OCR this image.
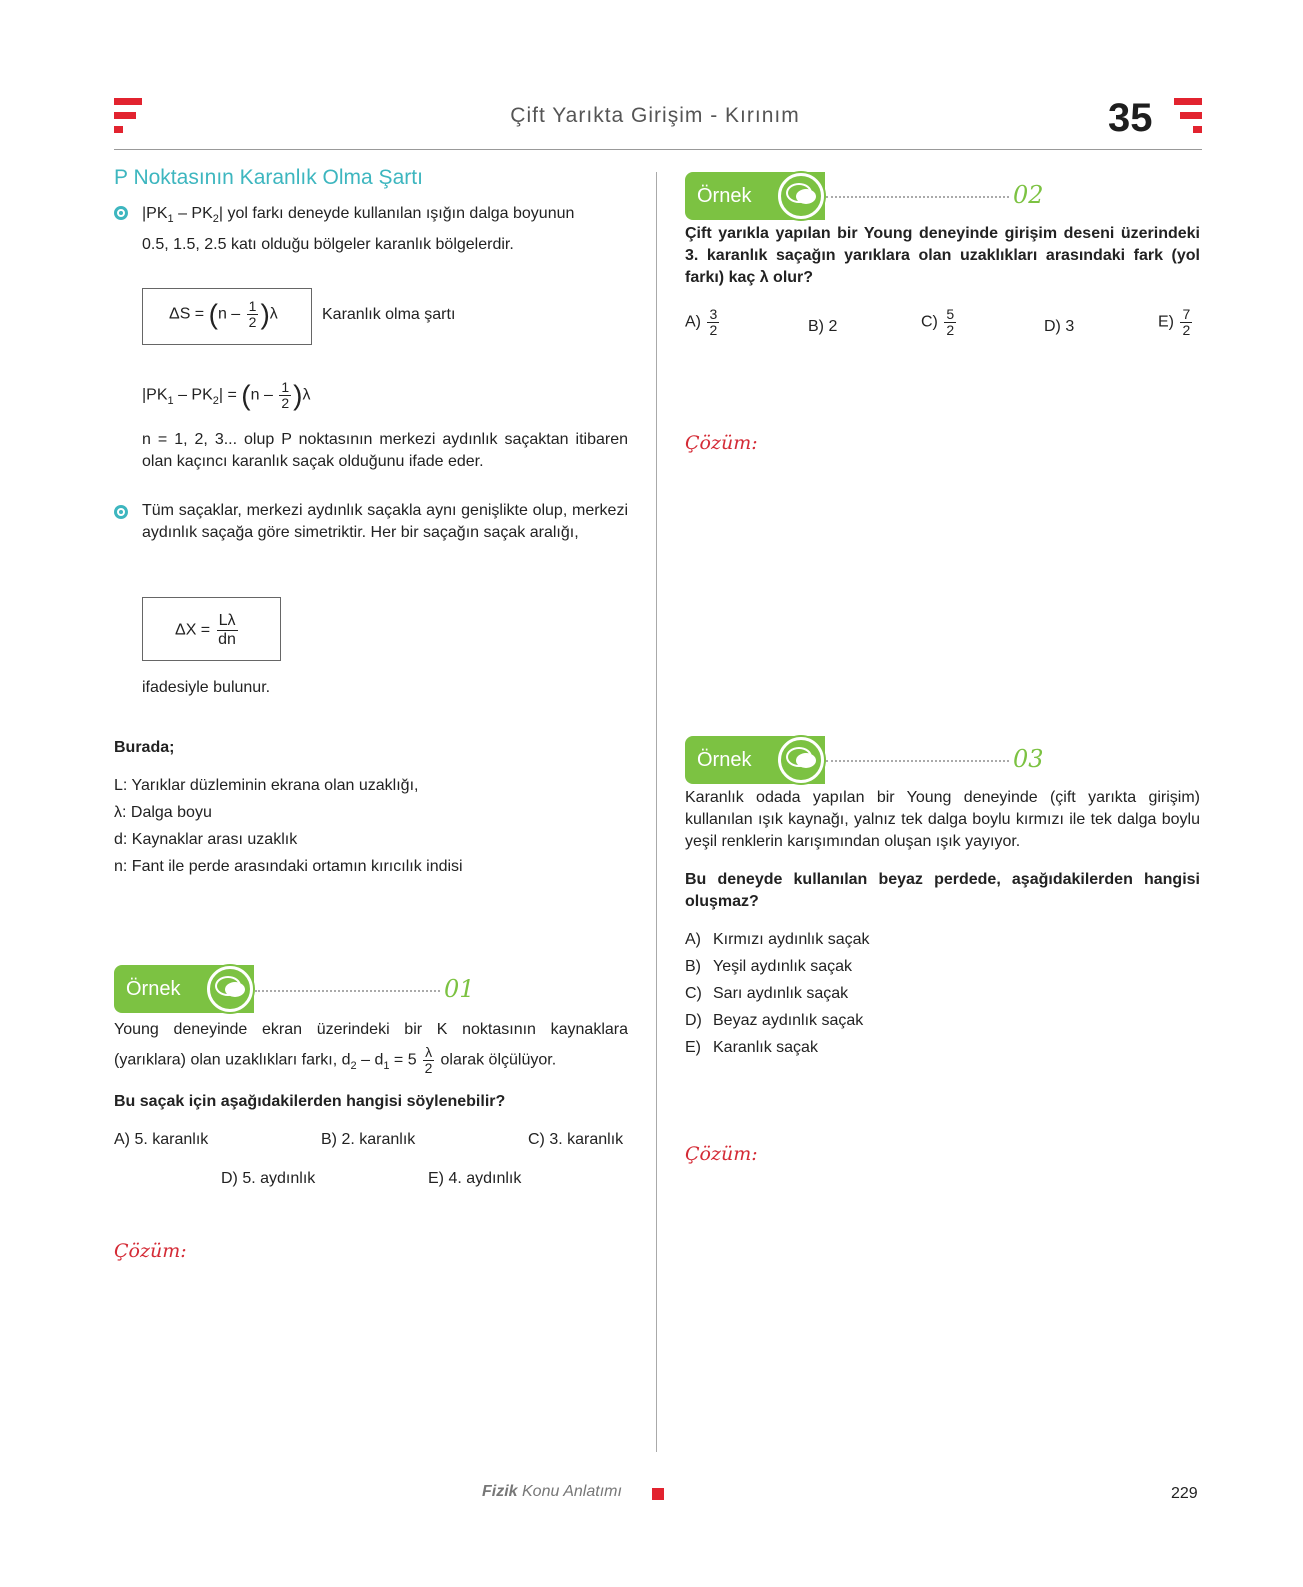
Çift Yarıkta Girişim - Kırınım	35
P Noktasının Karanlık Olma Şartı
$|PK_1 - PK_2|$ yol farkı deneyde kullanılan ışığın dalga boyunun
0.5, 1.5, 2.5 katı olduğu bölgeler karanlık bölgelerdir.
$\Delta S = (n - \frac{1}{2} )\lambda$	Karanlık olma şartı
$|PK_1 - PK_2| = (n - \frac{1}{2} )\lambda$
n = 1, 2, 3... olup P noktasının merkezi aydınlık saçaktan itibaren olan kaçıncı karanlık saçak olduğunu ifade eder.
Tüm saçaklar, merkezi aydınlık saçakla aynı genişlikte olup, merkezi aydınlık saçağa göre simetriktir. Her bir saçağın saçak aralığı,
$\Delta X = \frac{L\lambda}{dn}$
ifadesiyle bulunur.
Burada;
L: Yarıklar düzleminin ekrana olan uzaklığı,
λ: Dalga boyu
d: Kaynaklar arası uzaklık
n: Fant ile perde arasındaki ortamın kırıcılık indisi
Örnek	01
Young deneyinde ekran üzerindeki bir K noktasının kaynaklara
(yarıklara) olan uzaklıkları farkı, $d_2 - d_1 = 5 \frac{\lambda}{2}$ olarak ölçülüyor.
Bu saçak için aşağıdakilerden hangisi söylenebilir?
A) 5. karanlık	B) 2. karanlık	C) 3. karanlık
D) 5. aydınlık	E) 4. aydınlık
Çözüm:
Örnek	02
Çift yarıkla yapılan bir Young deneyinde girişim deseni üzerindeki 3. karanlık saçağın yarıklara olan uzaklıkları arasındaki fark (yol farkı) kaç λ olur?
$A) \frac{3}{2}$	B) 2	$C) \frac{5}{2}$	D) 3	$E) \frac{7}{2}$
Çözüm:
Örnek	03
Karanlık odada yapılan bir Young deneyinde (çift yarıkta girişim) kullanılan ışık kaynağı, yalnız tek dalga boylu kırmızı ile tek dalga boylu yeşil renklerin karışımından oluşan ışık yayıyor.
Bu deneyde kullanılan beyaz perdede, aşağıdakilerden hangisi oluşmaz?
A) Kırmızı aydınlık saçak
B) Yeşil aydınlık saçak
C) Sarı aydınlık saçak
D) Beyaz aydınlık saçak
E) Karanlık saçak
Çözüm:
Fizik Konu Anlatımı	229
